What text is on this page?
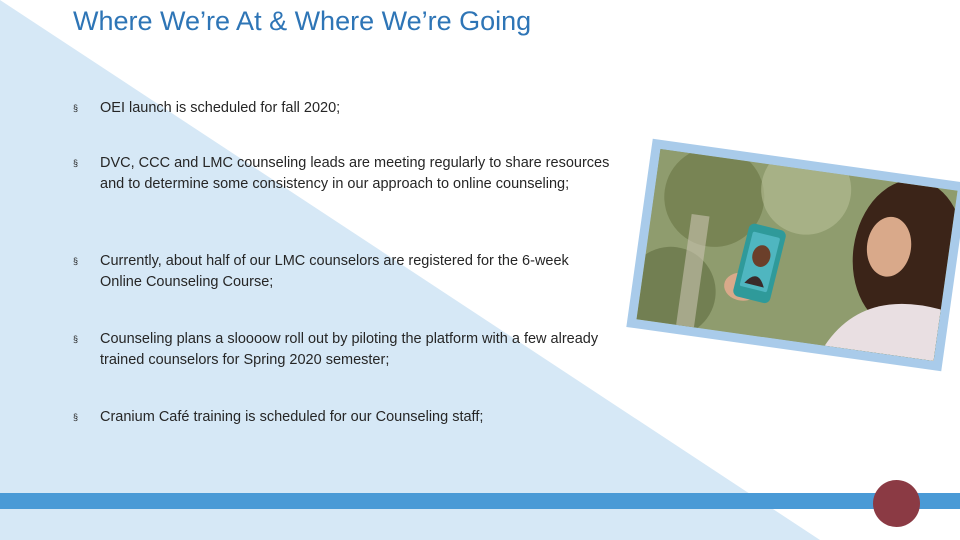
Where We’re At & Where We’re Going
§	OEI launch is scheduled for fall 2020;
§	DVC, CCC and LMC counseling leads are meeting regularly to share resources and to determine some consistency in our approach to online counseling;
§	Currently, about half of our LMC counselors are registered for the 6-week Online Counseling Course;
§	Counseling plans a sloooow roll out by piloting the platform with a few already trained counselors for Spring 2020 semester;
§	Cranium Café training is scheduled for our Counseling staff;
